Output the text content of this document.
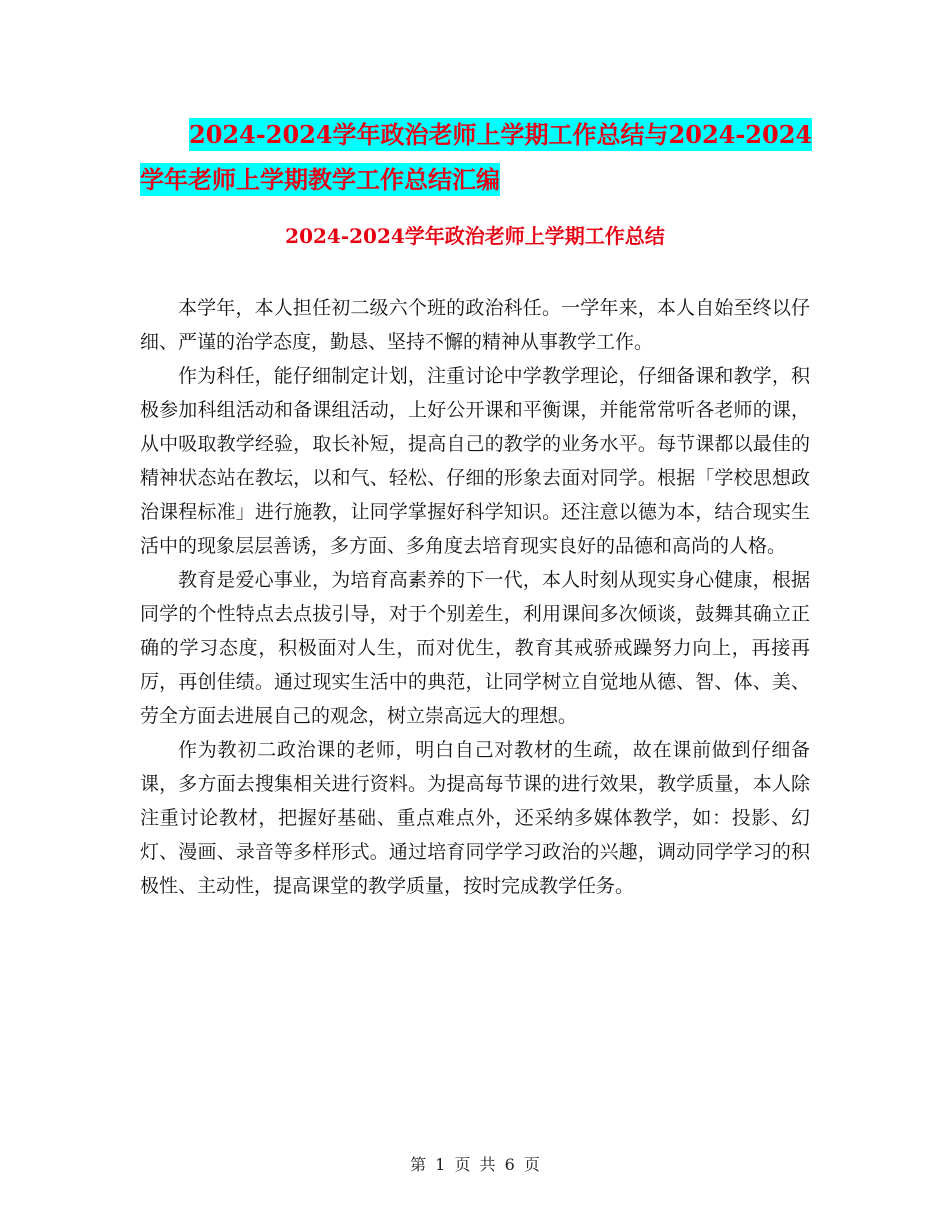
2024-2024学年政治老师上学期工作总结与2024-2024
学年老师上学期教学工作总结汇编
2024-2024学年政治老师上学期工作总结

本学年，本人担任初二级六个班的政治科任。一学年来，本人自始至终以仔细、严谨的治学态度，勤恳、坚持不懈的精神从事教学工作。

作为科任，能仔细制定计划，注重讨论中学教学理论，仔细备课和教学，积极参加科组活动和备课组活动，上好公开课和平衡课，并能常常听各老师的课，从中吸取教学经验，取长补短，提高自己的教学的业务水平。每节课都以最佳的精神状态站在教坛，以和气、轻松、仔细的形象去面对同学。根据「学校思想政治课程标准」进行施教，让同学掌握好科学知识。还注意以德为本，结合现实生活中的现象层层善诱，多方面、多角度去培育现实良好的品德和高尚的人格。

教育是爱心事业，为培育高素养的下一代，本人时刻从现实身心健康，根据同学的个性特点去点拔引导，对于个别差生，利用课间多次倾谈，鼓舞其确立正确的学习态度，积极面对人生，而对优生，教育其戒骄戒躁努力向上，再接再厉，再创佳绩。通过现实生活中的典范，让同学树立自觉地从德、智、体、美、劳全方面去进展自己的观念，树立崇高远大的理想。

作为教初二政治课的老师，明白自己对教材的生疏，故在课前做到仔细备课，多方面去搜集相关进行资料。为提高每节课的进行效果，教学质量，本人除注重讨论教材，把握好基础、重点难点外，还采纳多媒体教学，如：投影、幻灯、漫画、录音等多样形式。通过培育同学学习政治的兴趣，调动同学学习的积极性、主动性，提高课堂的教学质量，按时完成教学任务。

第 1 页 共 6 页
